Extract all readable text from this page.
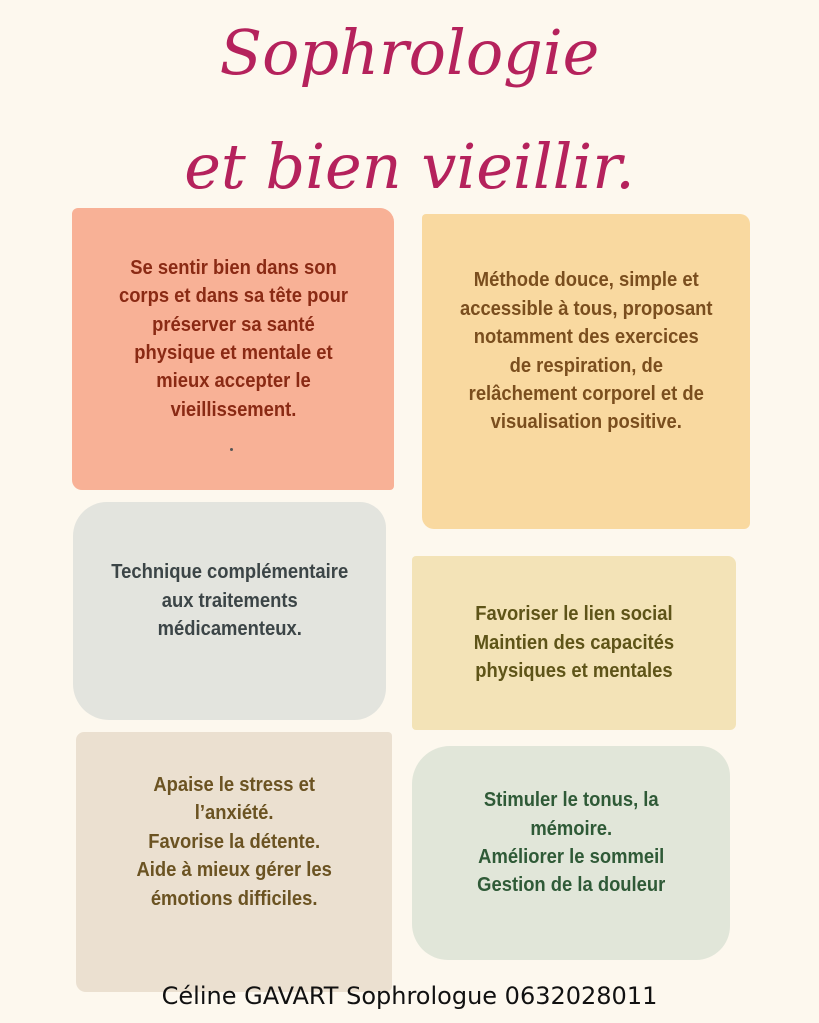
Sophrologie
et bien vieillir.
Se sentir bien dans son
corps et dans sa tête pour
préserver sa santé
physique et mentale et
mieux accepter le
vieillissement.
Méthode douce, simple et
accessible à tous, proposant
notamment des exercices
de respiration, de
relâchement corporel et de
visualisation positive.
Technique complémentaire
aux traitements
médicamenteux.
Favoriser le lien social
Maintien des capacités
physiques et mentales
Apaise le stress et
l’anxiété.
Favorise la détente.
Aide à mieux gérer les
émotions difficiles.
Stimuler le tonus, la
mémoire.
Améliorer le sommeil
Gestion de la douleur
Céline GAVART Sophrologue 0632028011
